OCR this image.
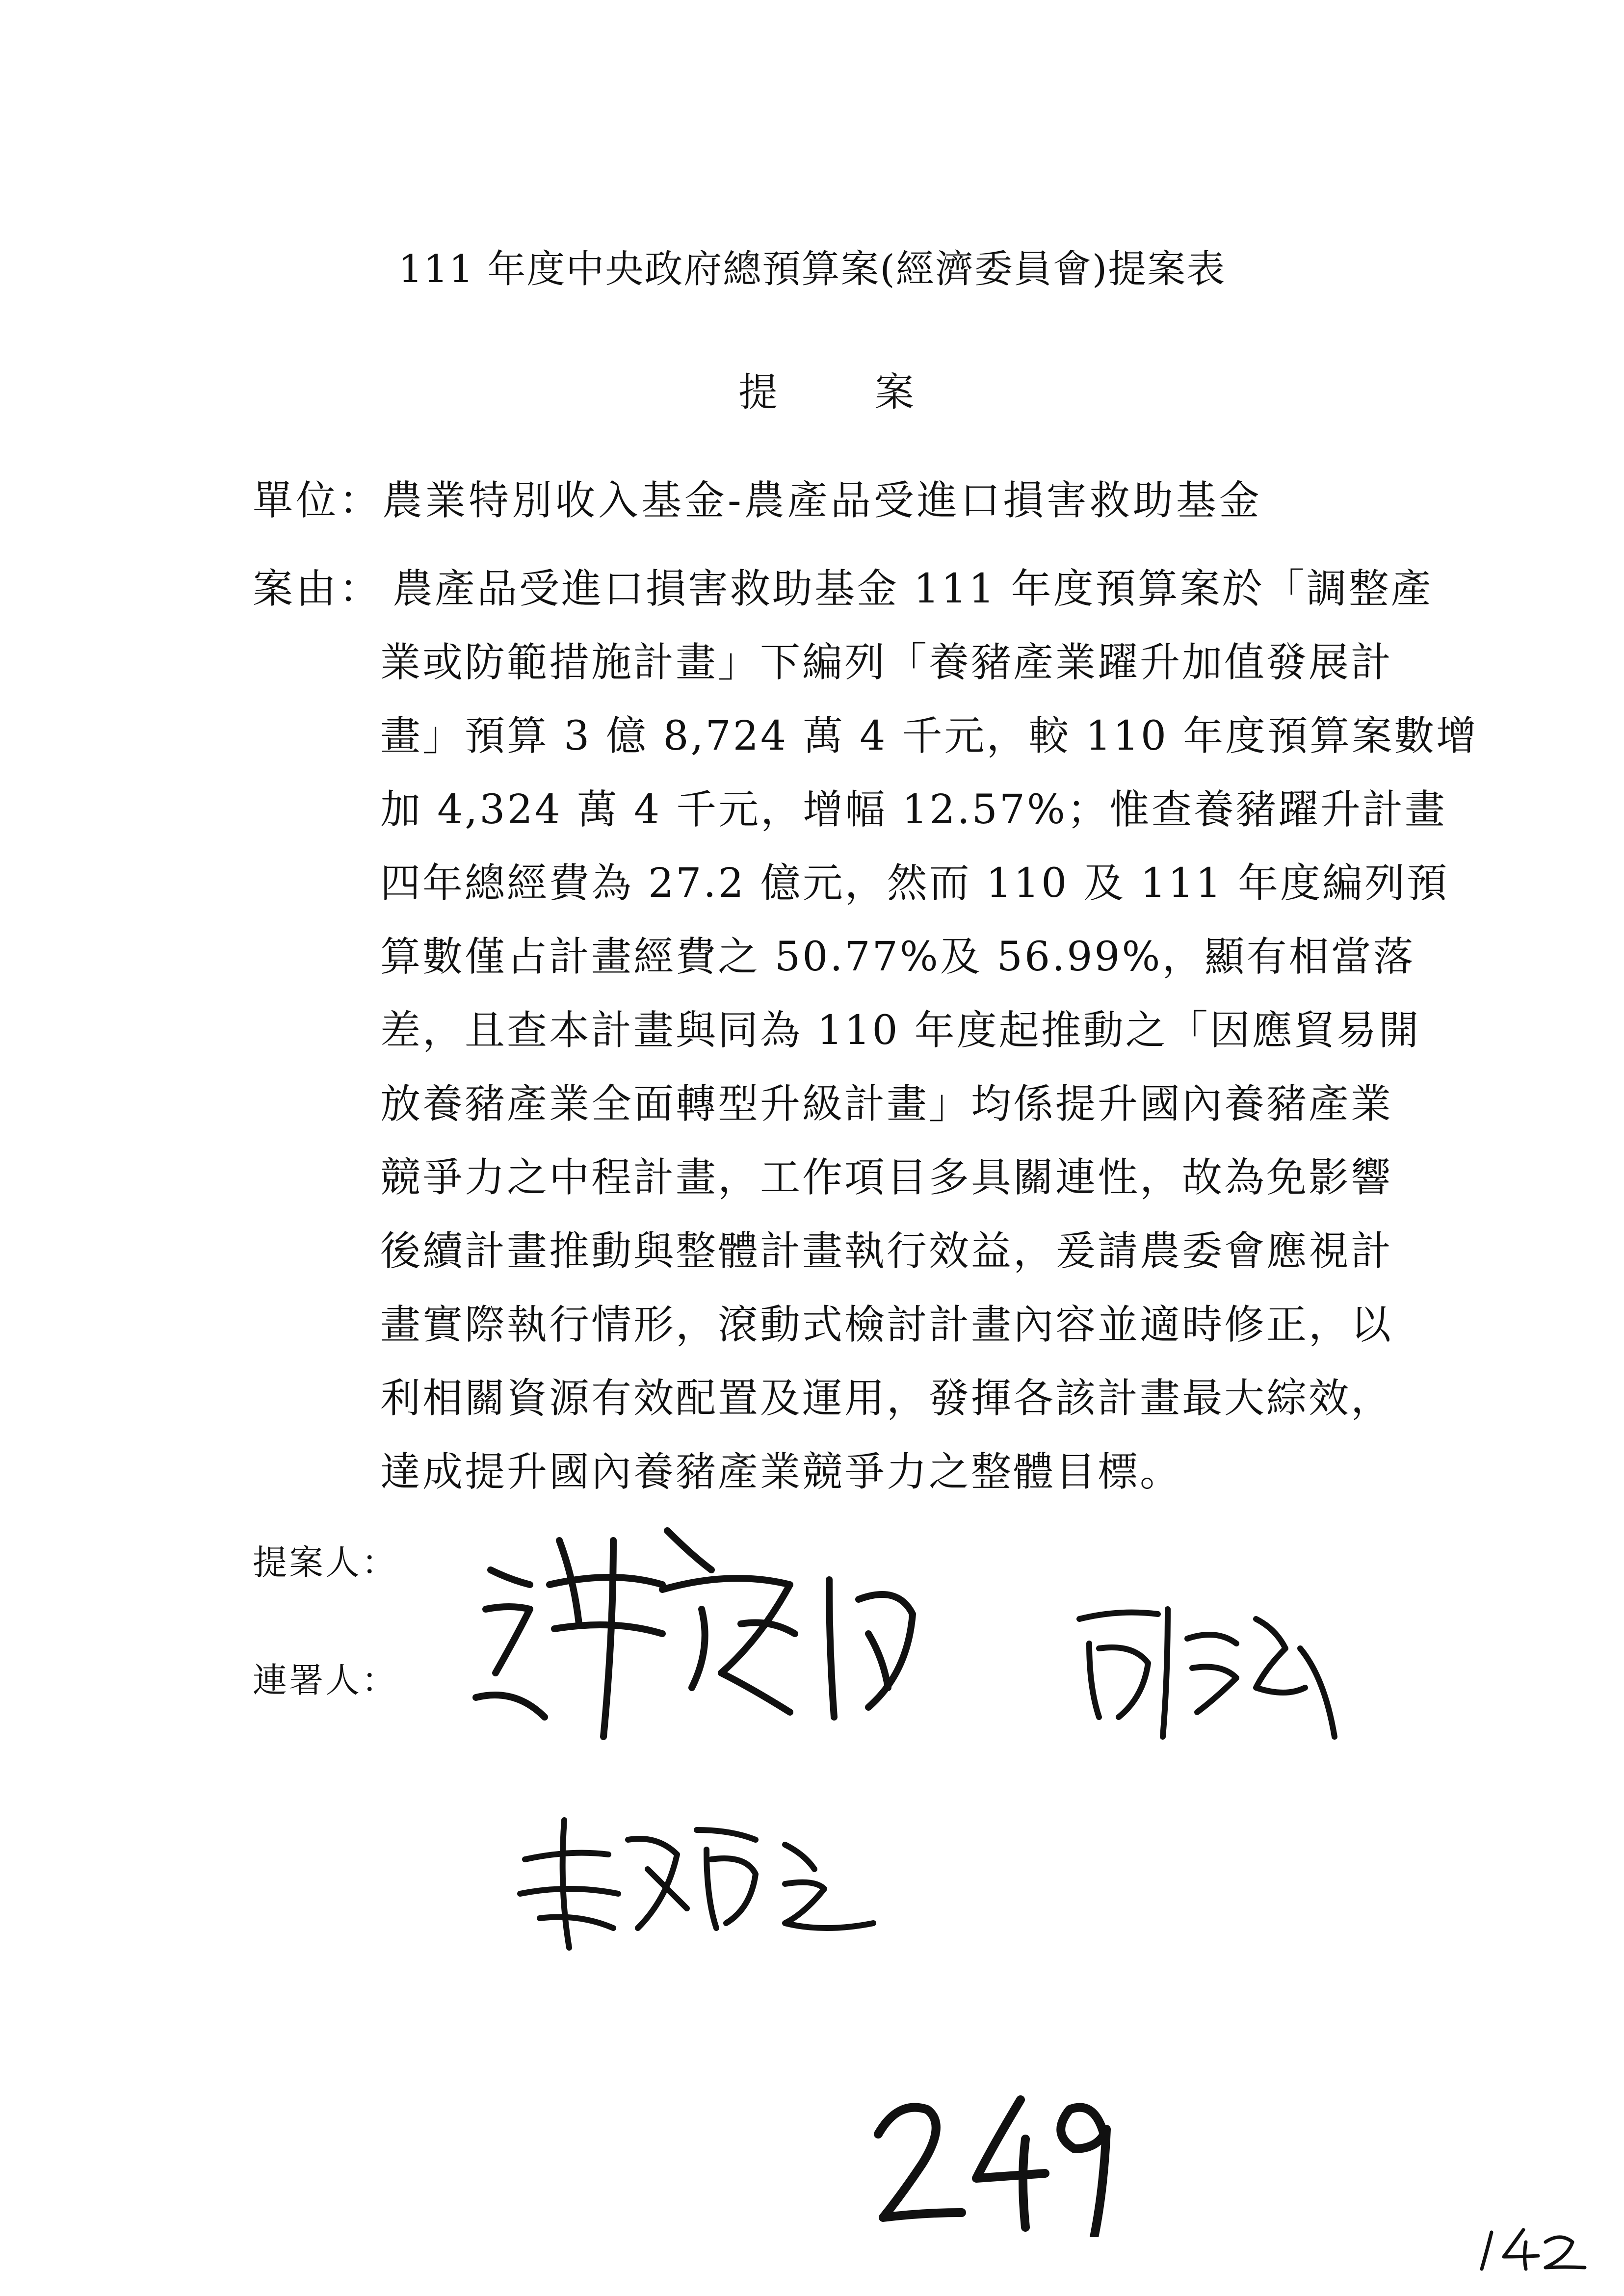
111 年度中央政府總預算案(經濟委員會)提案表
提案
單位：農業特別收入基金-農產品受進口損害救助基金
案由： 農產品受進口損害救助基金 111 年度預算案於「調整產
業或防範措施計畫」下編列「養豬產業躍升加值發展計
畫」預算 3 億 8,724 萬 4 千元，較 110 年度預算案數增
加 4,324 萬 4 千元，增幅 12.57%；惟查養豬躍升計畫
四年總經費為 27.2 億元，然而 110 及 111 年度編列預
算數僅占計畫經費之 50.77%及 56.99%，顯有相當落
差，且查本計畫與同為 110 年度起推動之「因應貿易開
放養豬產業全面轉型升級計畫」均係提升國內養豬產業
競爭力之中程計畫，工作項目多具關連性，故為免影響
後續計畫推動與整體計畫執行效益，爰請農委會應視計
畫實際執行情形，滾動式檢討計畫內容並適時修正，以
利相關資源有效配置及運用，發揮各該計畫最大綜效，
達成提升國內養豬產業競爭力之整體目標。
提案人：
連署人：
